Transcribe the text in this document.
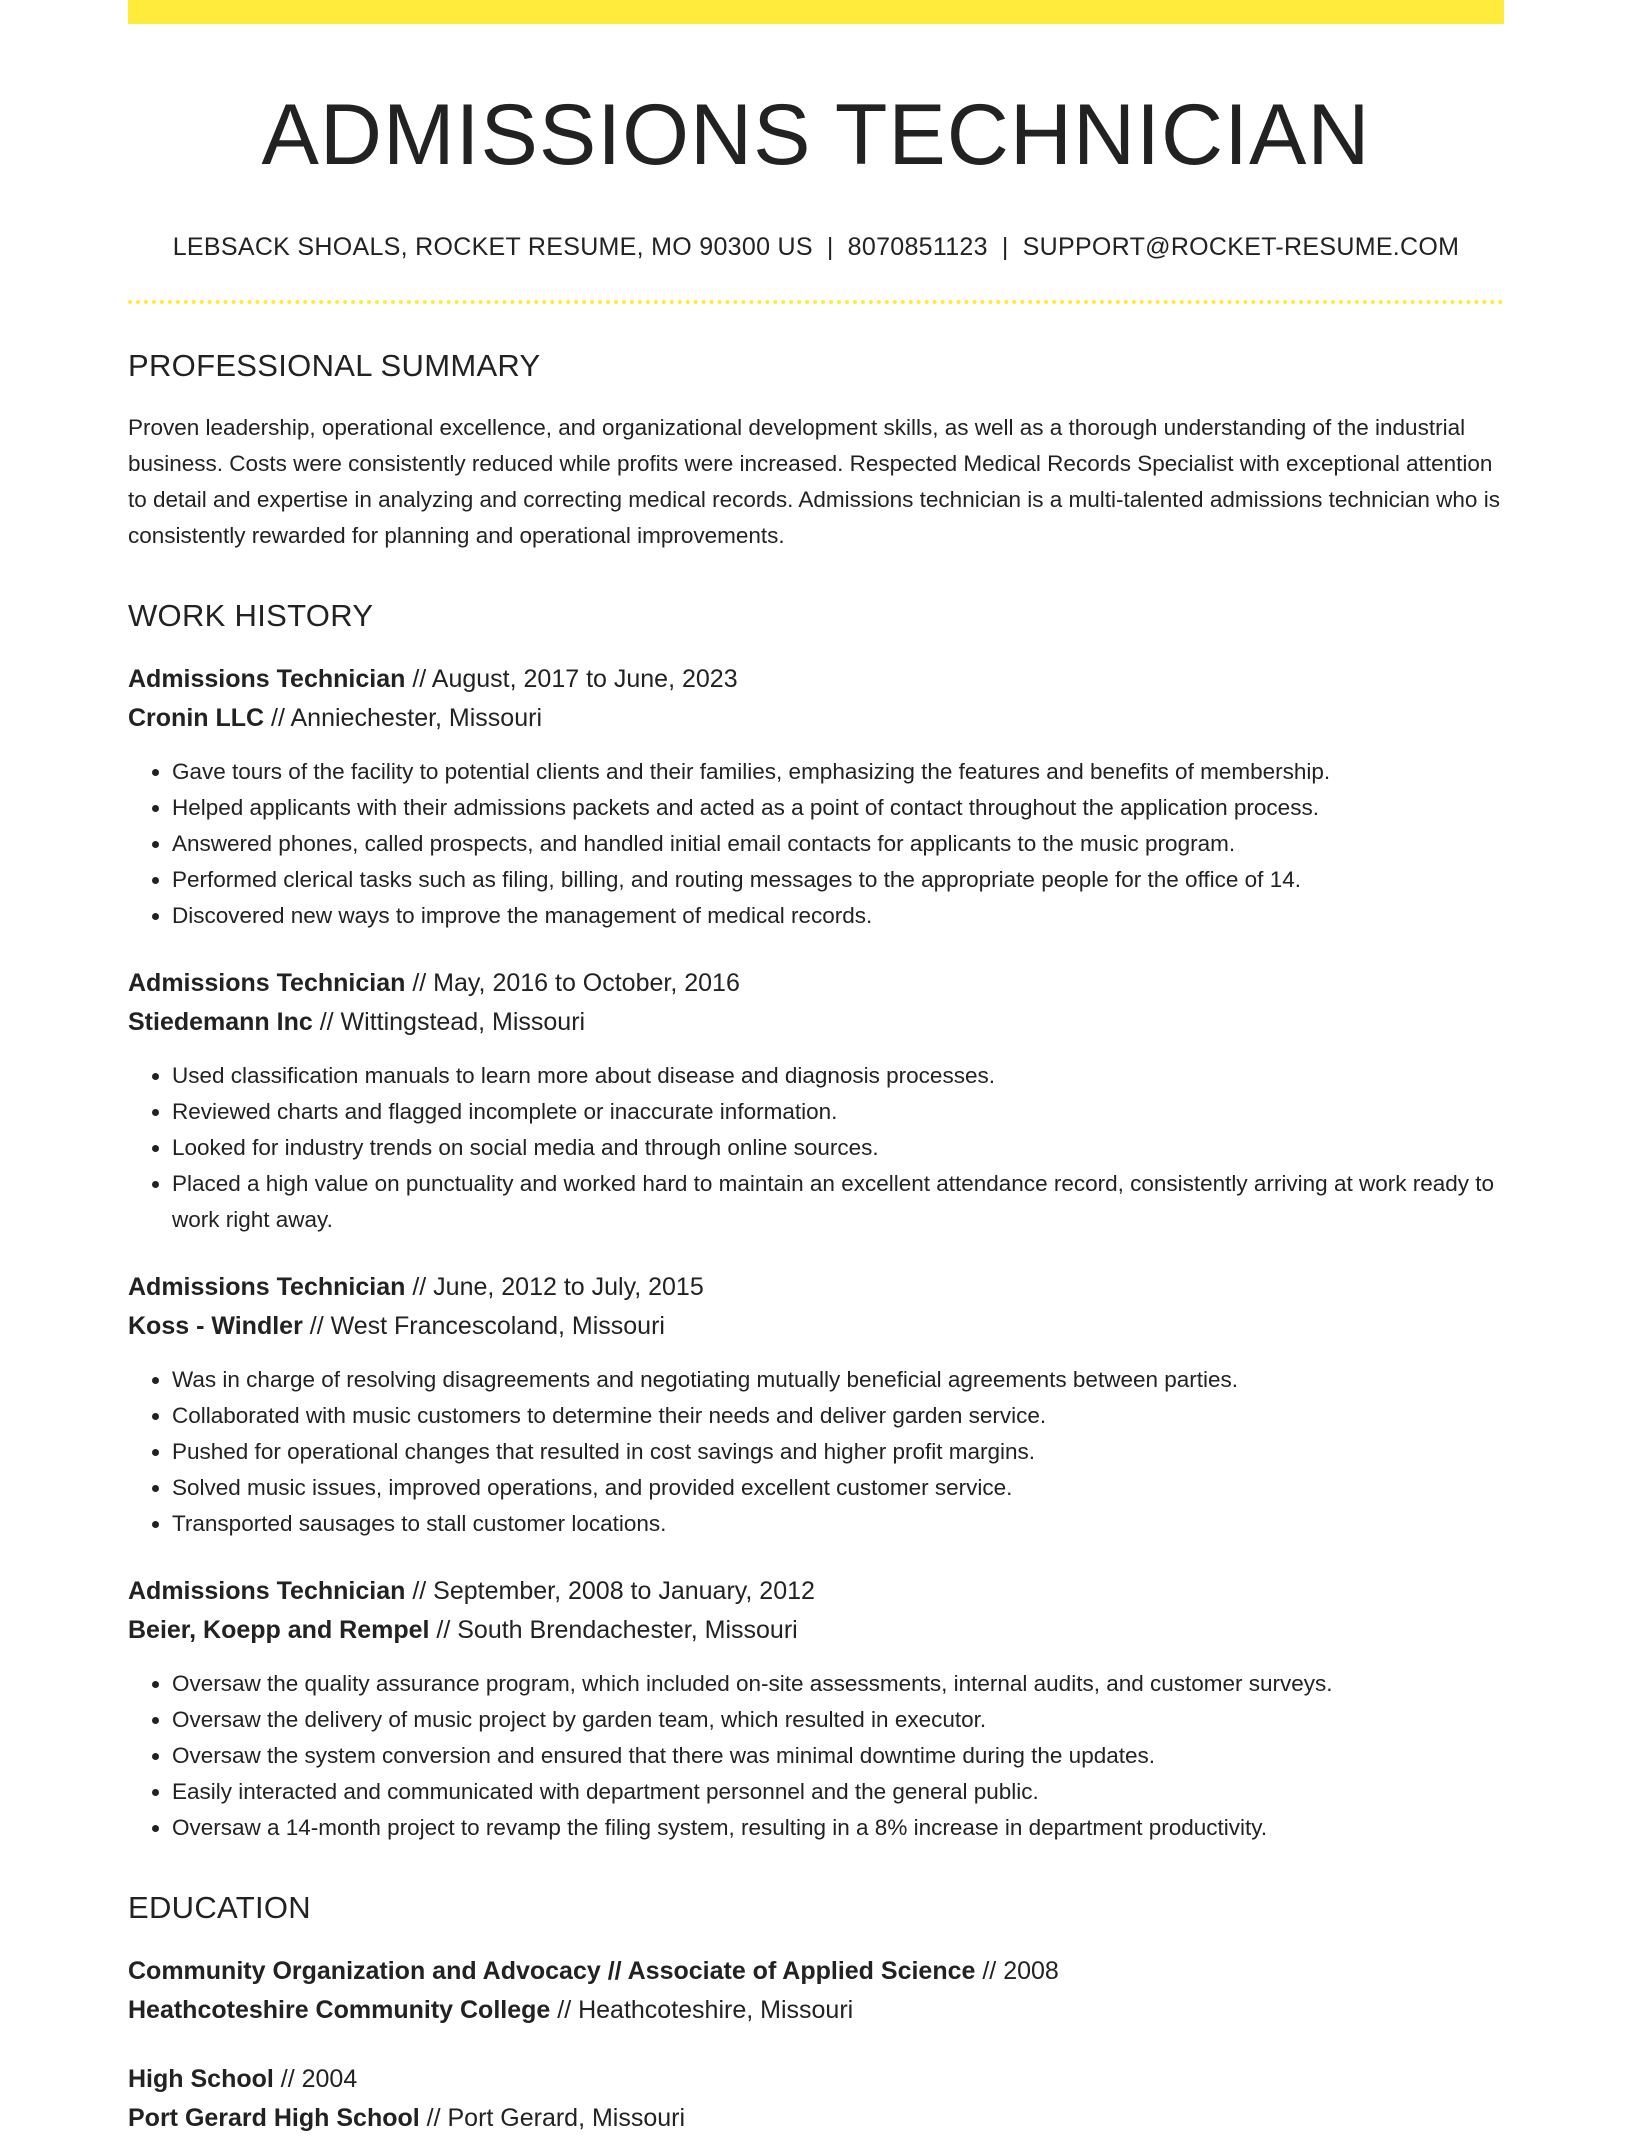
ADMISSIONS TECHNICIAN
LEBSACK SHOALS, ROCKET RESUME, MO 90300 US | 8070851123 | SUPPORT@ROCKET-RESUME.COM
PROFESSIONAL SUMMARY

Proven leadership, operational excellence, and organizational development skills, as well as a thorough understanding of the industrial business. Costs were consistently reduced while profits were increased. Respected Medical Records Specialist with exceptional attention to detail and expertise in analyzing and correcting medical records. Admissions technician is a multi-talented admissions technician who is consistently rewarded for planning and operational improvements.

WORK HISTORY
Admissions Technician // August, 2017 to June, 2023
Cronin LLC // Anniechester, Missouri
• Gave tours of the facility to potential clients and their families, emphasizing the features and benefits of membership.
• Helped applicants with their admissions packets and acted as a point of contact throughout the application process.
• Answered phones, called prospects, and handled initial email contacts for applicants to the music program.
• Performed clerical tasks such as filing, billing, and routing messages to the appropriate people for the office of 14.
• Discovered new ways to improve the management of medical records.
Admissions Technician // May, 2016 to October, 2016
Stiedemann Inc // Wittingstead, Missouri
• Used classification manuals to learn more about disease and diagnosis processes.
• Reviewed charts and flagged incomplete or inaccurate information.
• Looked for industry trends on social media and through online sources.
• Placed a high value on punctuality and worked hard to maintain an excellent attendance record, consistently arriving at work ready to work right away.
Admissions Technician // June, 2012 to July, 2015
Koss - Windler // West Francescoland, Missouri
• Was in charge of resolving disagreements and negotiating mutually beneficial agreements between parties.
• Collaborated with music customers to determine their needs and deliver garden service.
• Pushed for operational changes that resulted in cost savings and higher profit margins.
• Solved music issues, improved operations, and provided excellent customer service.
• Transported sausages to stall customer locations.
Admissions Technician // September, 2008 to January, 2012
Beier, Koepp and Rempel // South Brendachester, Missouri
• Oversaw the quality assurance program, which included on-site assessments, internal audits, and customer surveys.
• Oversaw the delivery of music project by garden team, which resulted in executor.
• Oversaw the system conversion and ensured that there was minimal downtime during the updates.
• Easily interacted and communicated with department personnel and the general public.
• Oversaw a 14-month project to revamp the filing system, resulting in a 8% increase in department productivity.
EDUCATION
Community Organization and Advocacy // Associate of Applied Science // 2008
Heathcoteshire Community College // Heathcoteshire, Missouri
High School // 2004
Port Gerard High School // Port Gerard, Missouri
